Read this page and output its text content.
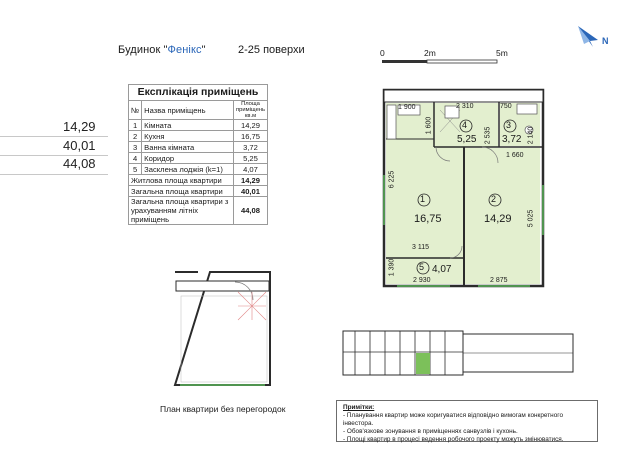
Будинок "Фенікс"	2-25 поверхи
14,29
40,01
44,08
Експлікація приміщень		
№	Назва приміщень	Площа приміщень кв.м
1	Кімната	14,29
2	Кухня	16,75
3	Ванна кімната	3,72
4	Коридор	5,25
5	Засклена лоджія (k=1)	4,07
Житлова площа квартири		14,29
Загальна площа квартири		40,01
Загальна площа квартири з урахуванням літніх приміщень		44,08
0	2m	5m
1
16,75
2
14,29
3
3,72
4
5,25
5 4,07
1 900	2 310	750
1 600
2 535	2 140
1 660
6 225
5 025
3 115
1 390
2 930	2 875
N
План квартири без перегородок	Примітки:
- Планування квартир може коригуватися відповідно вимогам конкретного інвестора.
- Обов'язкове зонування в приміщеннях санвузлів і кухонь.
- Площі квартир в процесі ведення робочого проекту можуть змінюватися.
